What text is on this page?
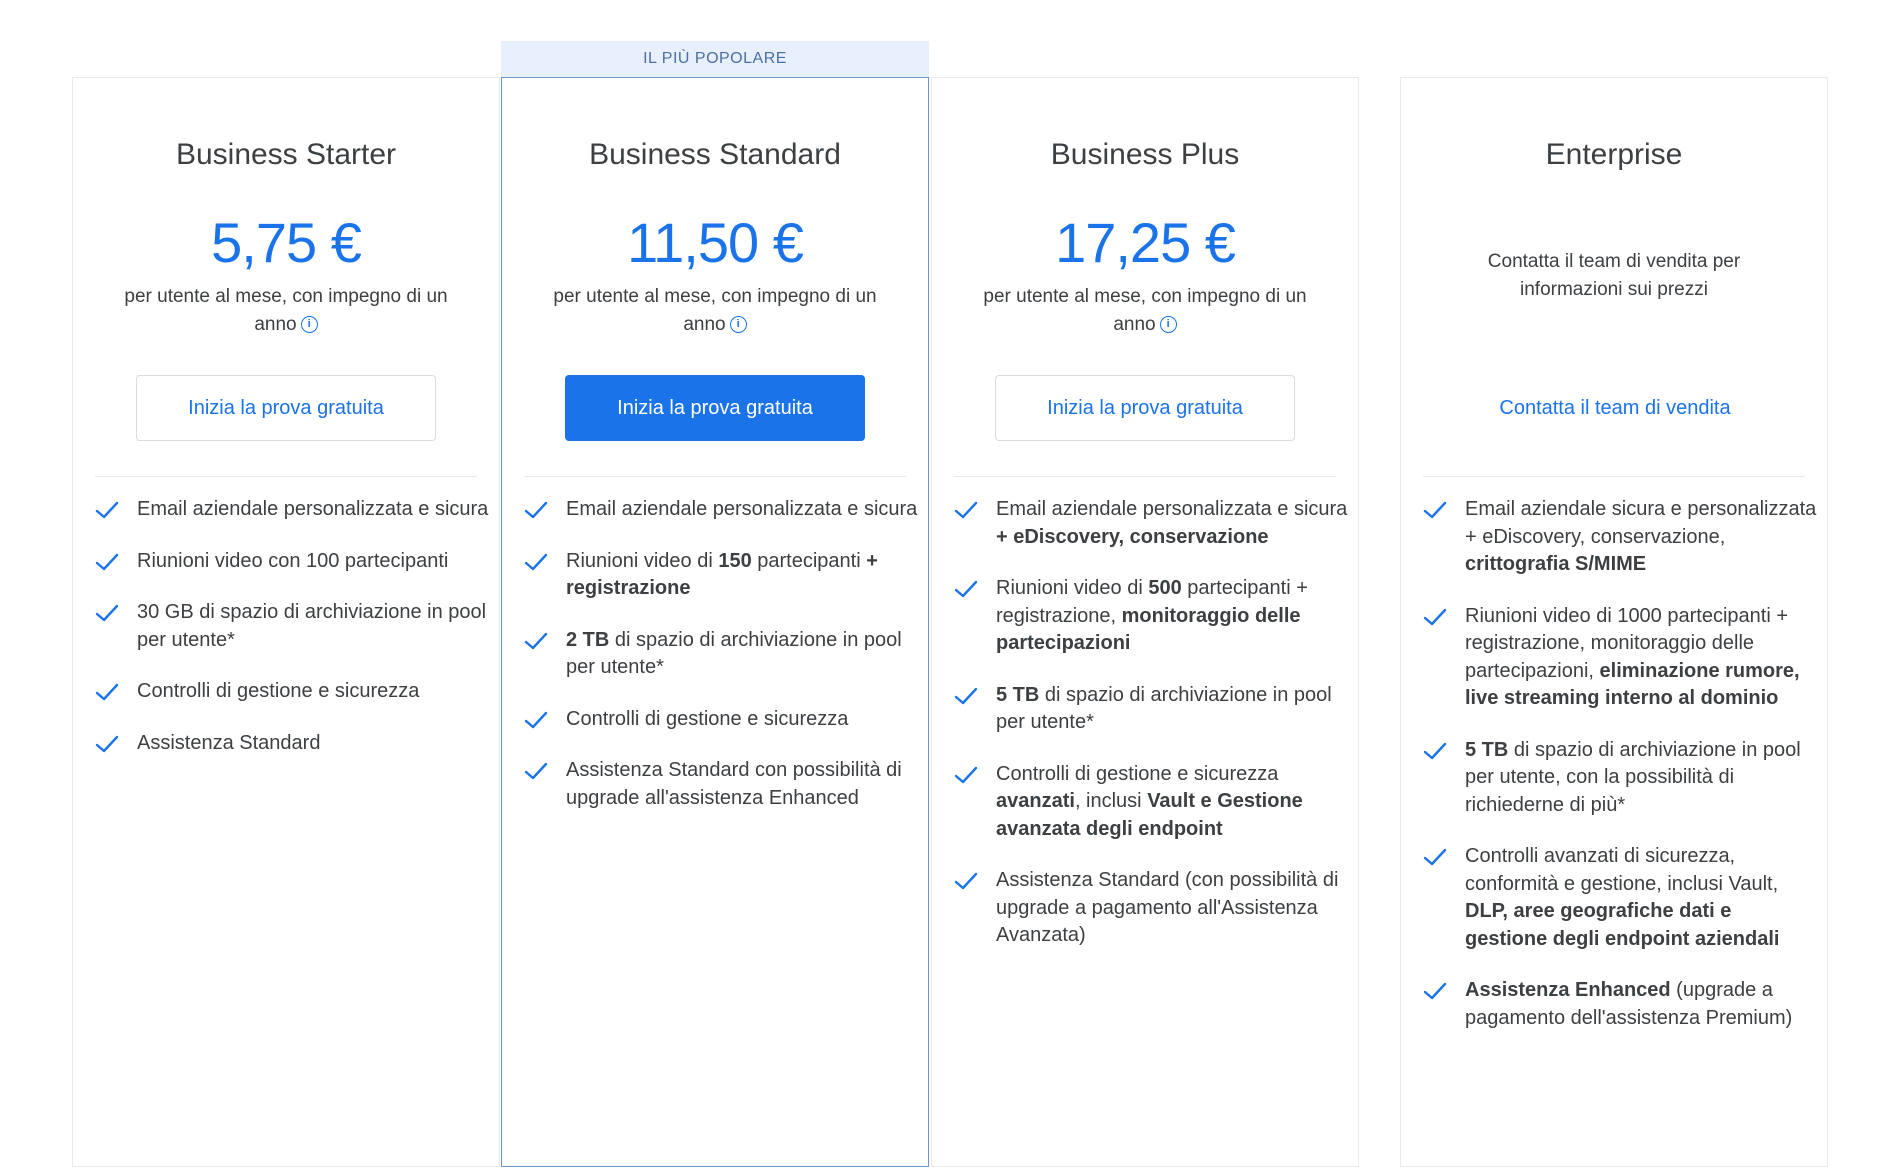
IL PIÙ POPOLARE
Business Starter
5,75 €
per utente al mese, con impegno di un anno i
Inizia la prova gratuita
Email aziendale personalizzata e sicura
Riunioni video con 100 partecipanti
30 GB di spazio di archiviazione in pool per utente*
Controlli di gestione e sicurezza
Assistenza Standard
Business Standard
11,50 €
per utente al mese, con impegno di un anno i
Inizia la prova gratuita
Email aziendale personalizzata e sicura
Riunioni video di 150 partecipanti + registrazione
2 TB di spazio di archiviazione in pool per utente*
Controlli di gestione e sicurezza
Assistenza Standard con possibilità di upgrade all'assistenza Enhanced
Business Plus
17,25 €
per utente al mese, con impegno di un anno i
Inizia la prova gratuita
Email aziendale personalizzata e sicura + eDiscovery, conservazione
Riunioni video di 500 partecipanti + registrazione, monitoraggio delle partecipazioni
5 TB di spazio di archiviazione in pool per utente*
Controlli di gestione e sicurezza avanzati, inclusi Vault e Gestione avanzata degli endpoint
Assistenza Standard (con possibilità di upgrade a pagamento all'Assistenza Avanzata)
Enterprise
Contatta il team di vendita per informazioni sui prezzi
Contatta il team di vendita
Email aziendale sicura e personalizzata + eDiscovery, conservazione, crittografia S/MIME
Riunioni video di 1000 partecipanti + registrazione, monitoraggio delle partecipazioni, eliminazione rumore, live streaming interno al dominio
5 TB di spazio di archiviazione in pool per utente, con la possibilità di richiederne di più*
Controlli avanzati di sicurezza, conformità e gestione, inclusi Vault, DLP, aree geografiche dati e gestione degli endpoint aziendali
Assistenza Enhanced (upgrade a pagamento dell'assistenza Premium)
